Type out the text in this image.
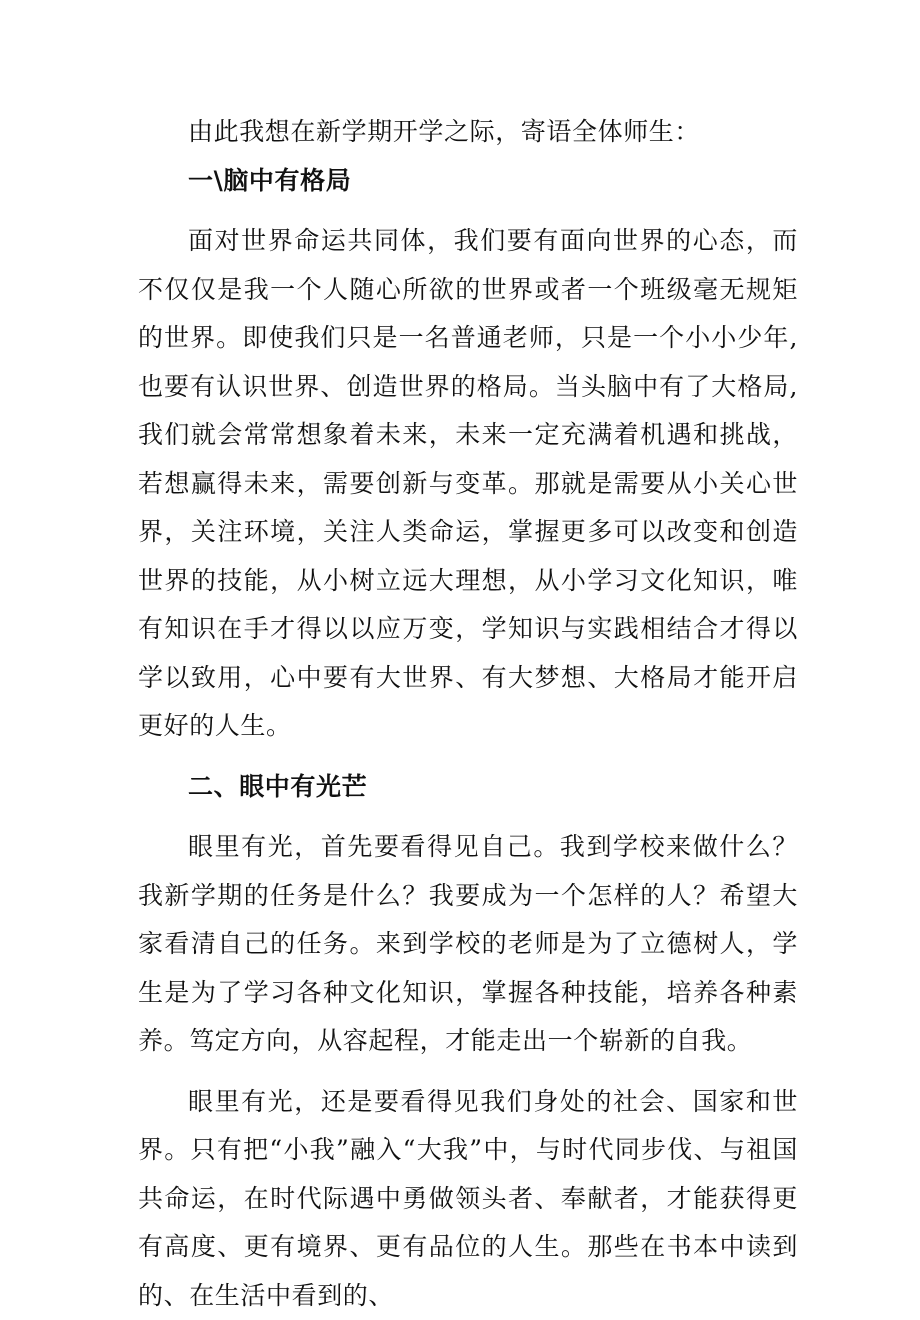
由此我想在新学期开学之际，寄语全体师生：

一\脑中有格局

面对世界命运共同体，我们要有面向世界的心态，而不仅仅是我一个人随心所欲的世界或者一个班级毫无规矩的世界。即使我们只是一名普通老师，只是一个小小少年,也要有认识世界、创造世界的格局。当头脑中有了大格局,我们就会常常想象着未来，未来一定充满着机遇和挑战，若想赢得未来，需要创新与变革。那就是需要从小关心世界，关注环境，关注人类命运，掌握更多可以改变和创造世界的技能，从小树立远大理想，从小学习文化知识，唯有知识在手才得以以应万变，学知识与实践相结合才得以学以致用，心中要有大世界、有大梦想、大格局才能开启更好的人生。

二、眼中有光芒

眼里有光，首先要看得见自己。我到学校来做什么？我新学期的任务是什么？我要成为一个怎样的人？希望大家看清自己的任务。来到学校的老师是为了立德树人，学生是为了学习各种文化知识，掌握各种技能，培养各种素养。笃定方向，从容起程，才能走出一个崭新的自我。

眼里有光，还是要看得见我们身处的社会、国家和世界。只有把“小我”融入“大我”中，与时代同步伐、与祖国共命运，在时代际遇中勇做领头者、奉献者，才能获得更有高度、更有境界、更有品位的人生。那些在书本中读到的、在生活中看到的、
